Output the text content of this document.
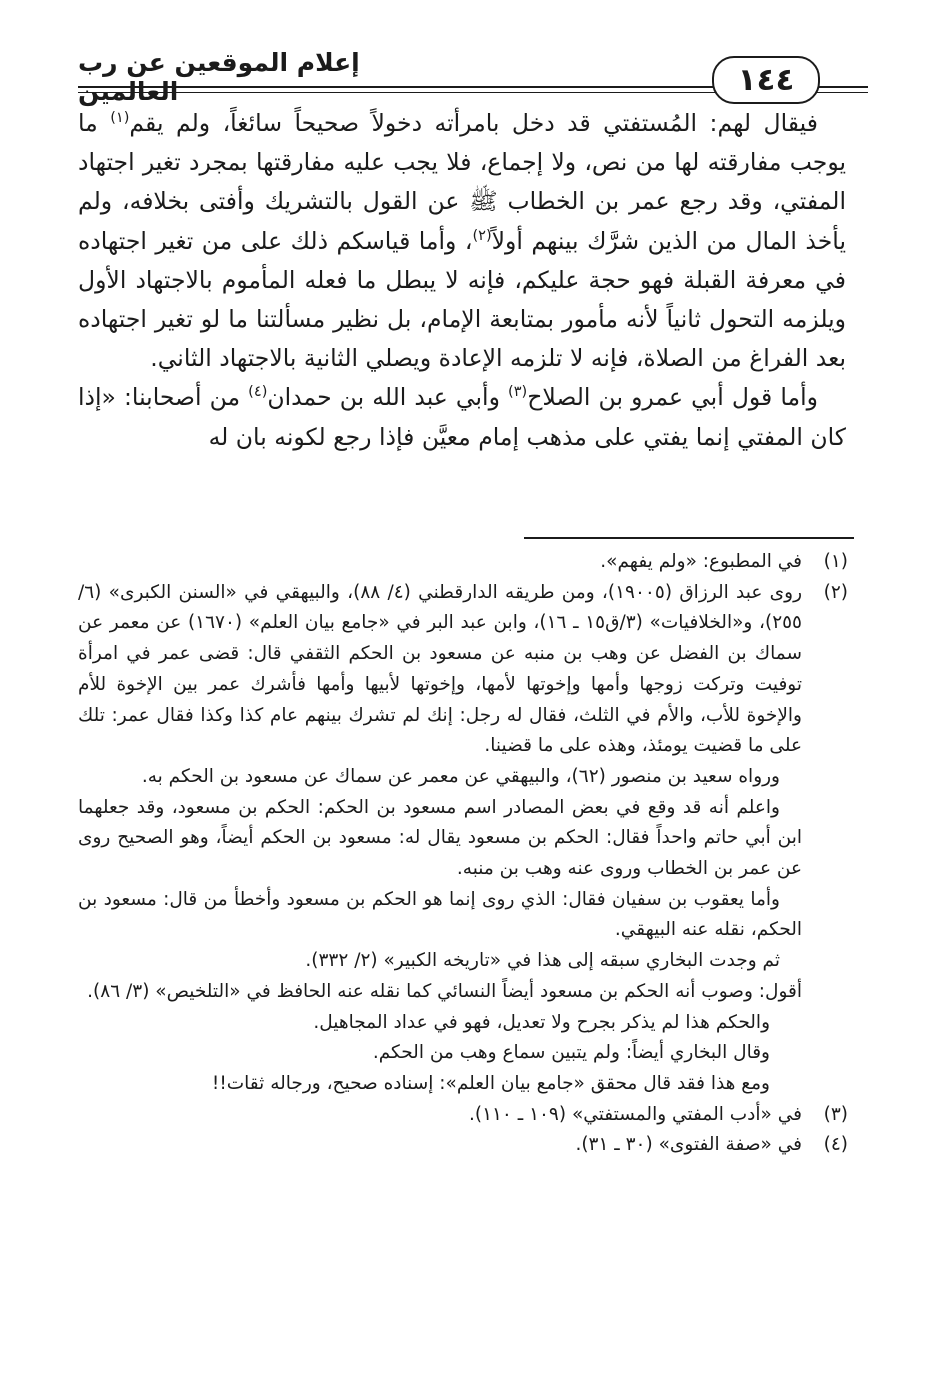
إعلام الموقعين عن رب	١٤٤

فيقال لهم: المُستفتي قد دخل بامرأته دخولاً صحيحاً سائغاً، ولم يقم$^{(١)}$ ما يوجب مفارقته لها من نص، ولا إجماع، فلا يجب عليه مفارقتها بمجرد تغير اجتهاد المفتي، وقد رجع عمر بن الخطاب ﷺ عن القول بالتشريك وأفتى بخلافه، ولم يأخذ المال من الذين شرَّك بينهم أولاً$^{(٢)}$، وأما قياسكم ذلك على من تغير اجتهاده في معرفة القبلة فهو حجة عليكم، فإنه لا يبطل ما فعله المأموم بالاجتهاد الأول ويلزمه التحول ثانياً لأنه مأمور بمتابعة الإمام، بل نظير مسألتنا ما لو تغير اجتهاده بعد الفراغ من الصلاة، فإنه لا تلزمه الإعادة ويصلي الثانية بالاجتهاد الثاني.

وأما قول أبي عمرو بن الصلاح$^{(٣)}$ وأبي عبد الله بن حمدان$^{(٤)}$ من أصحابنا: «إذا كان المفتي إنما يفتي على مذهب إمام معيَّن فإذا رجع لكونه بان له

(١)

في المطبوع: «ولم يفهم».

(٢)

روى عبد الرزاق (١٩٠٠٥)، ومن طريقه الدارقطني (٤/ ٨٨)، والبيهقي في «السنن الكبرى» (٦/ ٢٥٥)، و«الخلافيات» (٣/ق١٥ ـ ١٦)، وابن عبد البر في «جامع بيان العلم» (١٦٧٠) عن معمر عن سماك بن الفضل عن وهب بن منبه عن مسعود بن الحكم الثقفي قال: قضى عمر في امرأة توفيت وتركت زوجها وأمها وإخوتها لأمها، وإخوتها لأبيها وأمها فأشرك عمر بين الإخوة للأم والإخوة للأب، والأم في الثلث، فقال له رجل: إنك لم تشرك بينهم عام كذا وكذا فقال عمر: تلك على ما قضيت يومئذ، وهذه على ما قضينا.

ورواه سعيد بن منصور (٦٢)، والبيهقي عن معمر عن سماك عن مسعود بن الحكم به.

واعلم أنه قد وقع في بعض المصادر اسم مسعود بن الحكم: الحكم بن مسعود، وقد جعلهما ابن أبي حاتم واحداً فقال: الحكم بن مسعود يقال له: مسعود بن الحكم أيضاً، وهو الصحيح روى عن عمر بن الخطاب وروى عنه وهب بن منبه.

وأما يعقوب بن سفيان فقال: الذي روى إنما هو الحكم بن مسعود وأخطأ من قال: مسعود بن الحكم، نقله عنه البيهقي.

ثم وجدت البخاري سبقه إلى هذا في «تاريخه الكبير» (٢/ ٣٣٢).

أقول: وصوب أنه الحكم بن مسعود أيضاً النسائي كما نقله عنه الحافظ في «التلخيص» (٣/ ٨٦).

والحكم هذا لم يذكر بجرح ولا تعديل، فهو في عداد المجاهيل.

وقال البخاري أيضاً: ولم يتبين سماع وهب من الحكم.

ومع هذا فقد قال محقق «جامع بيان العلم»: إسناده صحيح، ورجاله ثقات!!

(٣)

في «أدب المفتي والمستفتي» (١٠٩ ـ ١١٠).

(٤)

في «صفة الفتوى» (٣٠ ـ ٣١).
